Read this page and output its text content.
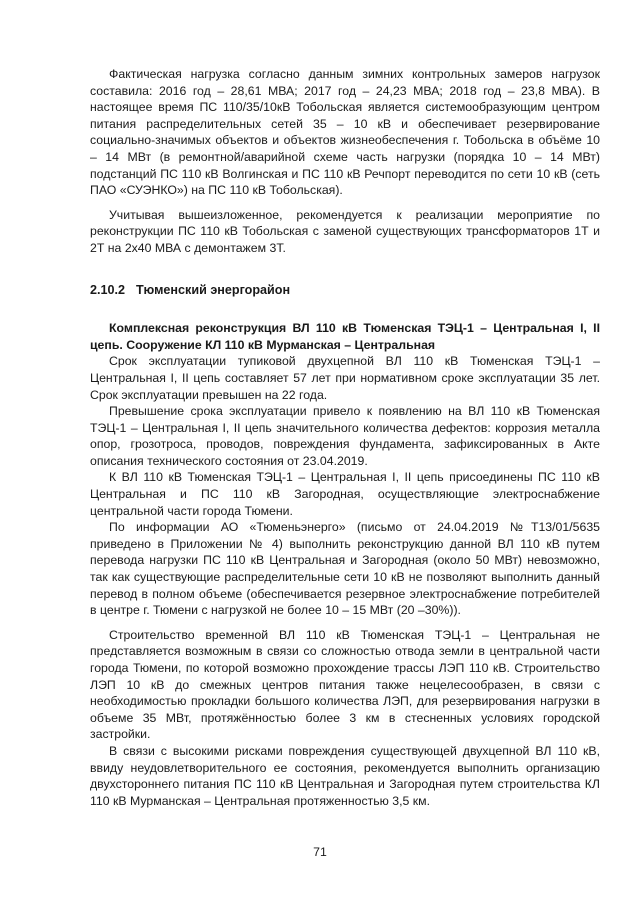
Фактическая нагрузка согласно данным зимних контрольных замеров нагрузок составила: 2016 год – 28,61 МВА; 2017 год – 24,23 МВА; 2018 год – 23,8 МВА). В настоящее время ПС 110/35/10кВ Тобольская является системообразующим центром питания распределительных сетей 35 – 10 кВ и обеспечивает резервирование социально-значимых объектов и объектов жизнеобеспечения г. Тобольска в объёме 10 – 14 МВт (в ремонтной/аварийной схеме часть нагрузки (порядка 10 – 14 МВт) подстанций ПС 110 кВ Волгинская и ПС 110 кВ Речпорт переводится по сети 10 кВ (сеть ПАО «СУЭНКО») на ПС 110 кВ Тобольская).

Учитывая вышеизложенное, рекомендуется к реализации мероприятие по реконструкции ПС 110 кВ Тобольская с заменой существующих трансформаторов 1Т и 2Т на 2х40 МВА с демонтажем 3Т.

2.10.2 Тюменский энергорайон

Комплексная реконструкция ВЛ 110 кВ Тюменская ТЭЦ-1 – Центральная I, II цепь. Сооружение КЛ 110 кВ Мурманская – Центральная

Срок эксплуатации тупиковой двухцепной ВЛ 110 кВ Тюменская ТЭЦ-1 – Центральная I, II цепь составляет 57 лет при нормативном сроке эксплуатации 35 лет. Срок эксплуатации превышен на 22 года.

Превышение срока эксплуатации привело к появлению на ВЛ 110 кВ Тюменская ТЭЦ-1 – Центральная I, II цепь значительного количества дефектов: коррозия металла опор, грозотроса, проводов, повреждения фундамента, зафиксированных в Акте описания технического состояния от 23.04.2019.

К ВЛ 110 кВ Тюменская ТЭЦ-1 – Центральная I, II цепь присоединены ПС 110 кВ Центральная и ПС 110 кВ Загородная, осуществляющие электроснабжение центральной части города Тюмени.

По информации АО «Тюменьэнерго» (письмо от 24.04.2019 №Т13/01/5635 приведено в Приложении № 4) выполнить реконструкцию данной ВЛ 110 кВ путем перевода нагрузки ПС 110 кВ Центральная и Загородная (около 50 МВт) невозможно, так как существующие распределительные сети 10 кВ не позволяют выполнить данный перевод в полном объеме (обеспечивается резервное электроснабжение потребителей в центре г. Тюмени с нагрузкой не более 10 – 15 МВт (20 –30%)).

Строительство временной ВЛ 110 кВ Тюменская ТЭЦ-1 – Центральная не представляется возможным в связи со сложностью отвода земли в центральной части города Тюмени, по которой возможно прохождение трассы ЛЭП 110 кВ. Строительство ЛЭП 10 кВ до смежных центров питания также нецелесообразен, в связи с необходимостью прокладки большого количества ЛЭП, для резервирования нагрузки в объеме 35 МВт, протяжённостью более 3 км в стесненных условиях городской застройки.

В связи с высокими рисками повреждения существующей двухцепной ВЛ 110 кВ, ввиду неудовлетворительного ее состояния, рекомендуется выполнить организацию двухстороннего питания ПС 110 кВ Центральная и Загородная путем строительства КЛ 110 кВ Мурманская – Центральная протяженностью 3,5 км.

71
